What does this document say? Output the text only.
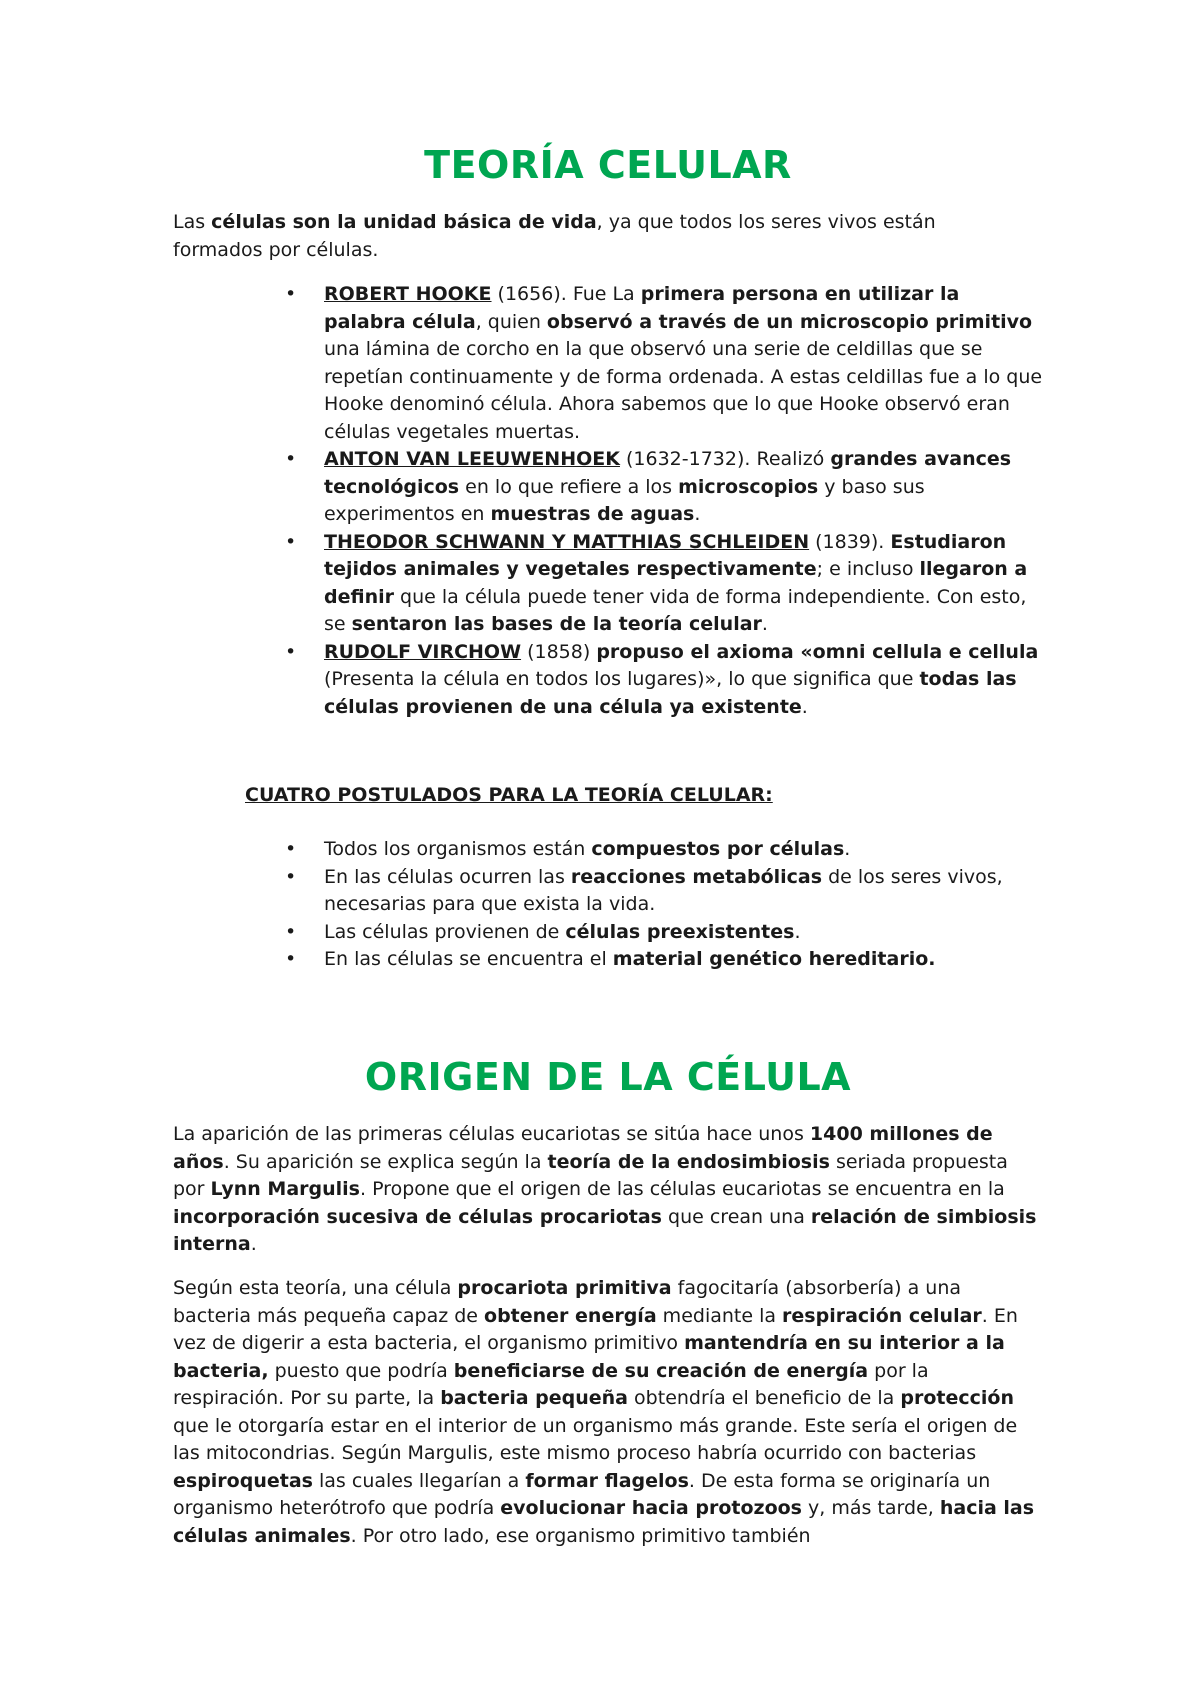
TEORÍA CELULAR

Las células son la unidad básica de vida, ya que todos los seres vivos están formados por células.

• ROBERT HOOKE (1656). Fue La primera persona en utilizar la palabra célula, quien observó a través de un microscopio primitivo una lámina de corcho en la que observó una serie de celdillas que se repetían continuamente y de forma ordenada. A estas celdillas fue a lo que Hooke denominó célula. Ahora sabemos que lo que Hooke observó eran células vegetales muertas.
• ANTON VAN LEEUWENHOEK (1632-1732). Realizó grandes avances tecnológicos en lo que refiere a los microscopios y baso sus experimentos en muestras de aguas.
• THEODOR SCHWANN Y MATTHIAS SCHLEIDEN (1839). Estudiaron tejidos animales y vegetales respectivamente; e incluso llegaron a definir que la célula puede tener vida de forma independiente. Con esto, se sentaron las bases de la teoría celular.
• RUDOLF VIRCHOW (1858) propuso el axioma «omni cellula e cellula (Presenta la célula en todos los lugares)», lo que significa que todas las células provienen de una célula ya existente.

CUATRO POSTULADOS PARA LA TEORÍA CELULAR:

• Todos los organismos están compuestos por células.
• En las células ocurren las reacciones metabólicas de los seres vivos, necesarias para que exista la vida.
• Las células provienen de células preexistentes.
• En las células se encuentra el material genético hereditario.
ORIGEN DE LA CÉLULA

La aparición de las primeras células eucariotas se sitúa hace unos 1400 millones de años. Su aparición se explica según la teoría de la endosimbiosis seriada propuesta por Lynn Margulis. Propone que el origen de las células eucariotas se encuentra en la incorporación sucesiva de células procariotas que crean una relación de simbiosis interna.

Según esta teoría, una célula procariota primitiva fagocitaría (absorbería) a una bacteria más pequeña capaz de obtener energía mediante la respiración celular. En vez de digerir a esta bacteria, el organismo primitivo mantendría en su interior a la bacteria, puesto que podría beneficiarse de su creación de energía por la respiración. Por su parte, la bacteria pequeña obtendría el beneficio de la protección que le otorgaría estar en el interior de un organismo más grande. Este sería el origen de las mitocondrias. Según Margulis, este mismo proceso habría ocurrido con bacterias espiroquetas las cuales llegarían a formar flagelos. De esta forma se originaría un organismo heterótrofo que podría evolucionar hacia protozoos y, más tarde, hacia las células animales. Por otro lado, ese organismo primitivo también
